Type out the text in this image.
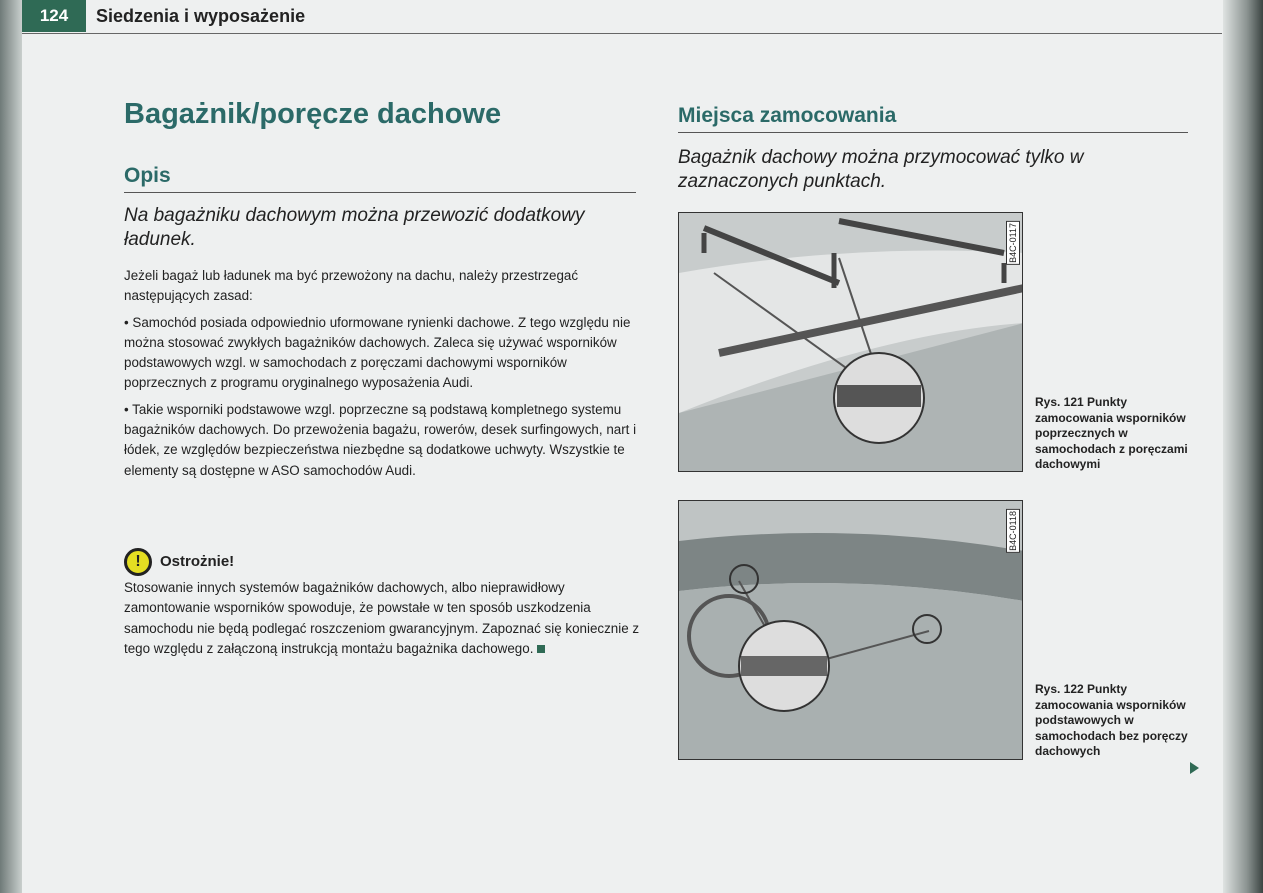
124	Siedzenia i wyposażenie
Bagażnik/poręcze dachowe
Opis
Na bagażniku dachowym można przewozić dodatkowy ładunek.

Jeżeli bagaż lub ładunek ma być przewożony na dachu, należy przestrzegać następujących zasad:

• Samochód posiada odpowiednio uformowane rynienki dachowe. Z tego względu nie można stosować zwykłych bagażników dachowych. Zaleca się używać wsporników podstawowych wzgl. w samochodach z poręczami dachowymi wsporników poprzecznych z programu oryginalnego wyposażenia Audi.

• Takie wsporniki podstawowe wzgl. poprzeczne są podstawą kompletnego systemu bagażników dachowych. Do przewożenia bagażu, rowerów, desek surfingowych, nart i łódek, ze względów bezpieczeństwa niezbędne są dodatkowe uchwyty. Wszystkie te elementy są dostępne w ASO samochodów Audi.

!	Ostrożnie!
Stosowanie innych systemów bagażników dachowych, albo nieprawidłowy zamontowanie wsporników spowoduje, że powstałe w ten sposób uszkodzenia samochodu nie będą podlegać roszczeniom gwarancyjnym. Zapoznać się koniecznie z tego względu z załączoną instrukcją montażu bagażnika dachowego.
Miejsca zamocowania
Bagażnik dachowy można przymocować tylko w zaznaczonych punktach.
B4C-0117
Rys. 121 Punkty zamocowania wsporników poprzecznych w samochodach z poręczami dachowymi
B4C-0118
Rys. 122 Punkty zamocowania wsporników podstawowych w samochodach bez poręczy dachowych
